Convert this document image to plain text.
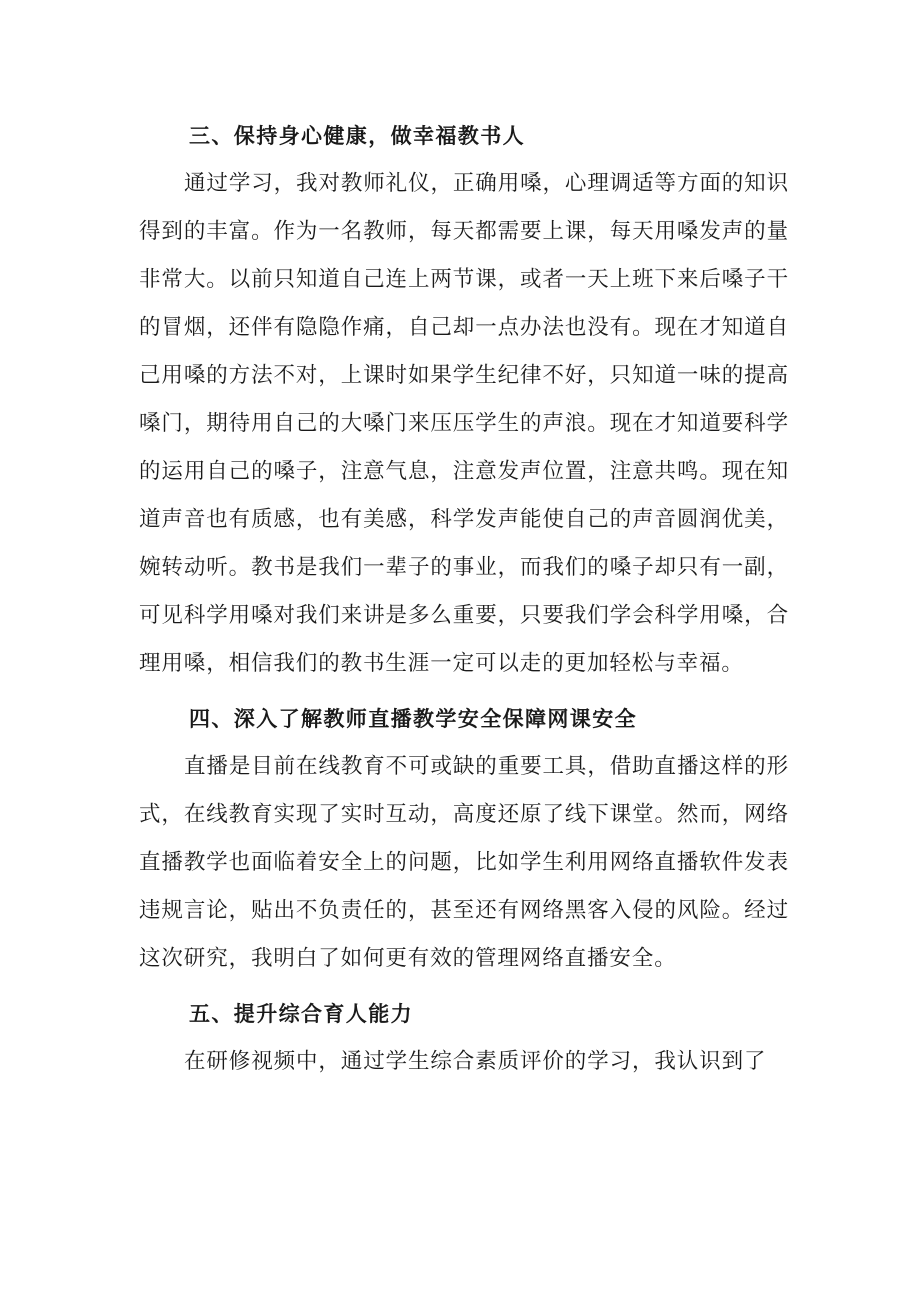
三、保持身心健康，做幸福教书人

通过学习，我对教师礼仪，正确用嗓，心理调适等方面的知识得到的丰富。作为一名教师，每天都需要上课，每天用嗓发声的量非常大。以前只知道自己连上两节课，或者一天上班下来后嗓子干的冒烟，还伴有隐隐作痛，自己却一点办法也没有。现在才知道自己用嗓的方法不对，上课时如果学生纪律不好，只知道一味的提高嗓门，期待用自己的大嗓门来压压学生的声浪。现在才知道要科学的运用自己的嗓子，注意气息，注意发声位置，注意共鸣。现在知道声音也有质感，也有美感，科学发声能使自己的声音圆润优美，婉转动听。教书是我们一辈子的事业，而我们的嗓子却只有一副，可见科学用嗓对我们来讲是多么重要，只要我们学会科学用嗓，合理用嗓，相信我们的教书生涯一定可以走的更加轻松与幸福。

四、深入了解教师直播教学安全保障网课安全

直播是目前在线教育不可或缺的重要工具，借助直播这样的形式，在线教育实现了实时互动，高度还原了线下课堂。然而，网络直播教学也面临着安全上的问题，比如学生利用网络直播软件发表违规言论，贴出不负责任的，甚至还有网络黑客入侵的风险。经过这次研究，我明白了如何更有效的管理网络直播安全。

五、提升综合育人能力

在研修视频中，通过学生综合素质评价的学习，我认识到了
